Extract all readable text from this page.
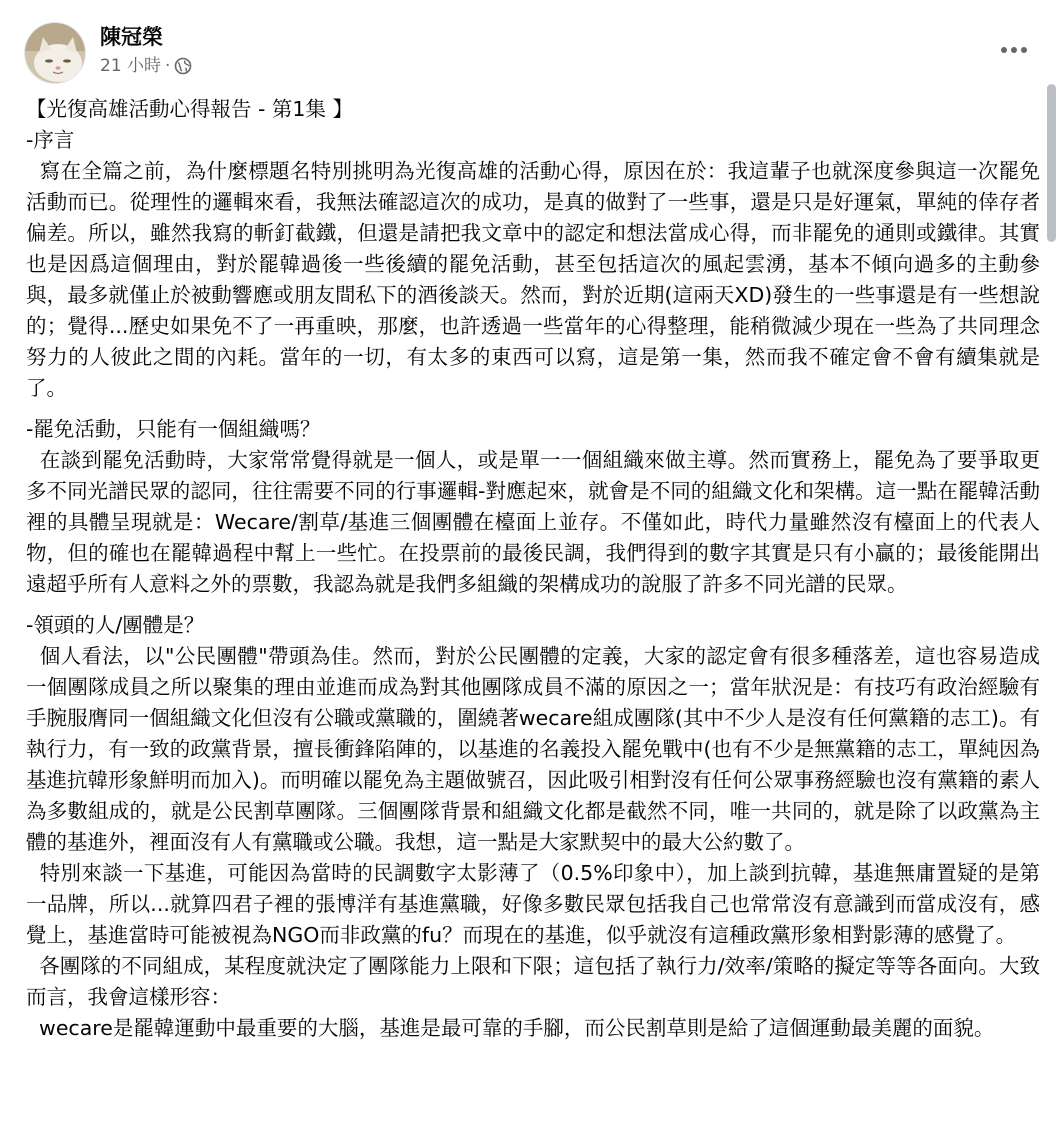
陳冠榮
21 小時 ·

【光復高雄活動心得報告 - 第1集 】

-序言

寫在全篇之前，為什麼標題名特別挑明為光復高雄的活動心得，原因在於：我這輩子也就深度參與這一次罷免活動而已。從理性的邏輯來看，我無法確認這次的成功，是真的做對了一些事，還是只是好運氣，單純的倖存者偏差。所以，雖然我寫的斬釘截鐵，但還是請把我文章中的認定和想法當成心得，而非罷免的通則或鐵律。其實也是因爲這個理由，對於罷韓過後一些後續的罷免活動，甚至包括這次的風起雲湧，基本不傾向過多的主動參與，最多就僅止於被動響應或朋友間私下的酒後談天。然而，對於近期(這兩天XD)發生的一些事還是有一些想說的；覺得...歷史如果免不了一再重映，那麼，也許透過一些當年的心得整理，能稍微減少現在一些為了共同理念努力的人彼此之間的內耗。當年的一切，有太多的東西可以寫，這是第一集，然而我不確定會不會有續集就是了。

-罷免活動，只能有一個組織嗎？

在談到罷免活動時，大家常常覺得就是一個人，或是單一一個組織來做主導。然而實務上，罷免為了要爭取更多不同光譜民眾的認同，往往需要不同的行事邏輯-對應起來，就會是不同的組織文化和架構。這一點在罷韓活動裡的具體呈現就是：Wecare/割草/基進三個團體在檯面上並存。不僅如此，時代力量雖然沒有檯面上的代表人物，但的確也在罷韓過程中幫上一些忙。在投票前的最後民調，我們得到的數字其實是只有小贏的；最後能開出遠超乎所有人意料之外的票數，我認為就是我們多組織的架構成功的說服了許多不同光譜的民眾。

-領頭的人/團體是？

個人看法，以"公民團體"帶頭為佳。然而，對於公民團體的定義，大家的認定會有很多種落差，這也容易造成一個團隊成員之所以聚集的理由並進而成為對其他團隊成員不滿的原因之一；當年狀況是：有技巧有政治經驗有手腕服膺同一個組織文化但沒有公職或黨職的，圍繞著wecare組成團隊(其中不少人是沒有任何黨籍的志工)。有執行力，有一致的政黨背景，擅長衝鋒陷陣的，以基進的名義投入罷免戰中(也有不少是無黨籍的志工，單純因為基進抗韓形象鮮明而加入)。而明確以罷免為主題做號召，因此吸引相對沒有任何公眾事務經驗也沒有黨籍的素人為多數組成的，就是公民割草團隊。三個團隊背景和組織文化都是截然不同，唯一共同的，就是除了以政黨為主體的基進外，裡面沒有人有黨職或公職。我想，這一點是大家默契中的最大公約數了。

特別來談一下基進，可能因為當時的民調數字太影薄了（0.5%印象中），加上談到抗韓，基進無庸置疑的是第一品牌，所以...就算四君子裡的張博洋有基進黨職，好像多數民眾包括我自己也常常沒有意識到而當成沒有，感覺上，基進當時可能被視為NGO而非政黨的fu？而現在的基進，似乎就沒有這種政黨形象相對影薄的感覺了。

各團隊的不同組成，某程度就決定了團隊能力上限和下限；這包括了執行力/效率/策略的擬定等等各面向。大致而言，我會這樣形容：

wecare是罷韓運動中最重要的大腦，基進是最可靠的手腳，而公民割草則是給了這個運動最美麗的面貌。
